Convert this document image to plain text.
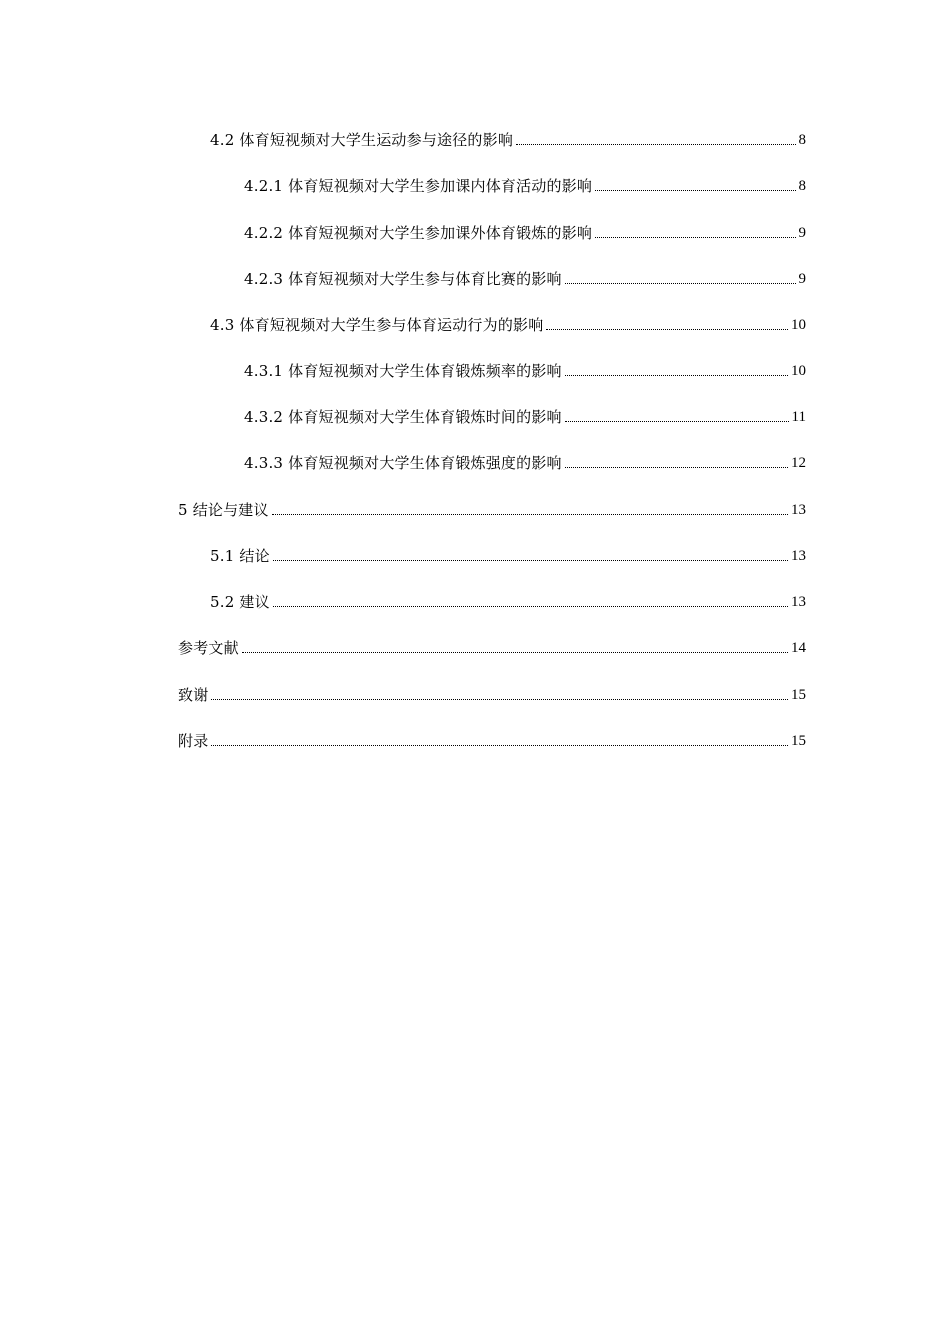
4.2 体育短视频对大学生运动参与途径的影响	8
4.2.1 体育短视频对大学生参加课内体育活动的影响	8
4.2.2 体育短视频对大学生参加课外体育锻炼的影响	9
4.2.3 体育短视频对大学生参与体育比赛的影响	9
4.3 体育短视频对大学生参与体育运动行为的影响	10
4.3.1 体育短视频对大学生体育锻炼频率的影响	10
4.3.2 体育短视频对大学生体育锻炼时间的影响	11
4.3.3 体育短视频对大学生体育锻炼强度的影响	12
5 结论与建议	13
5.1 结论	13
5.2 建议	13
参考文献	14
致谢	15
附录	15
